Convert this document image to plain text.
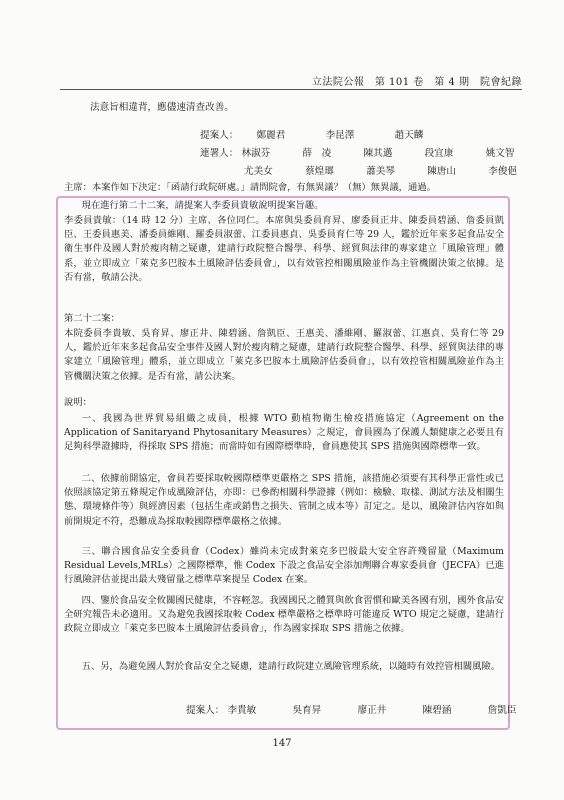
立法院公報　第 101 卷　第 4 期　院會紀錄
法意旨相違背，應儘速清查改善。
提案人： 鄭麗君	李昆澤	趙天麟
連署人： 林淑芬	薛　凌	陳其邁	段宜康	姚文智
尤美女	蔡煌瑯	蕭美琴	陳唐山	李俊俋
主席：本案作如下決定：「函請行政院研處。」請問院會，有無異議？（無）無異議，通過。
現在進行第二十二案，請提案人李委員貴敏說明提案旨趣。
李委員貴敏：（14 時 12 分）主席、各位同仁。本席與吳委員育昇、廖委員正井、陳委員碧涵、詹委員凱臣、王委員惠美、潘委員維剛、羅委員淑蕾、江委員惠貞、吳委員育仁等 29 人，鑑於近年來多起食品安全衛生事件及國人對於瘦肉精之疑慮，建請行政院整合醫學、科學、經貿與法律的專家建立「風險管理」體系，並立即成立「萊克多巴胺本土風險評估委員會」，以有效管控相關風險並作為主管機關決策之依據。是否有當，敬請公決。
第二十二案：
本院委員李貴敏、吳育昇、廖正井、陳碧涵、詹凱臣、王惠美、潘維剛、羅淑蕾、江惠貞、吳育仁等 29 人，鑑於近年來多起食品安全事件及國人對於瘦肉精之疑慮，建請行政院整合醫學、科學、經貿與法律的專家建立「風險管理」體系，並立即成立「萊克多巴胺本土風險評估委員會」，以有效控管相關風險並作為主管機關決策之依據。是否有當，請公決案。
說明：
一、我國為世界貿易組織之成員，根據 WTO 動植物衛生檢疫措施協定（Agreement on the Application of Sanitaryand Phytosanitary Measures）之規定，會員國為了保護人類健康之必要且有足夠科學證據時，得採取 SPS 措施；而當時如有國際標準時，會員應使其 SPS 措施與國際標準一致。
二、依據前開協定，會員若要採取較國際標準更嚴格之 SPS 措施，該措施必須要有其科學正當性或已依照該協定第五條規定作成風險評估，亦即：已參酌相關科學證據（例如：檢驗、取樣、測試方法及相關生態、環境條件等）與經濟因素（包括生產或銷售之損失、管制之成本等）訂定之。是以，風險評估內容如與前開規定不符，恐難成為採取較國際標準嚴格之依據。
三、聯合國食品安全委員會（Codex）雖尚未完成對萊克多巴胺最大安全容許殘留量（Maximum Residual Levels,MRLs）之國際標準，惟 Codex 下設之食品安全添加劑聯合專家委員會（JECFA）已進行風險評估並提出最大殘留量之標準草案提呈 Codex 在案。
四、鑒於食品安全攸關國民健康，不容輕忽。我國國民之體質與飲食習慣和歐美各國有別，國外食品安全研究報告未必適用。又為避免我國採取較 Codex 標準嚴格之標準時可能違反 WTO 規定之疑慮，建請行政院立即成立「萊克多巴胺本土風險評估委員會」，作為國家採取 SPS 措施之依據。
五、另，為避免國人對於食品安全之疑慮，建請行政院建立風險管理系統，以隨時有效控管相關風險。
提案人： 李貴敏	吳育昇	廖正井	陳碧涵	詹凱臣
147
